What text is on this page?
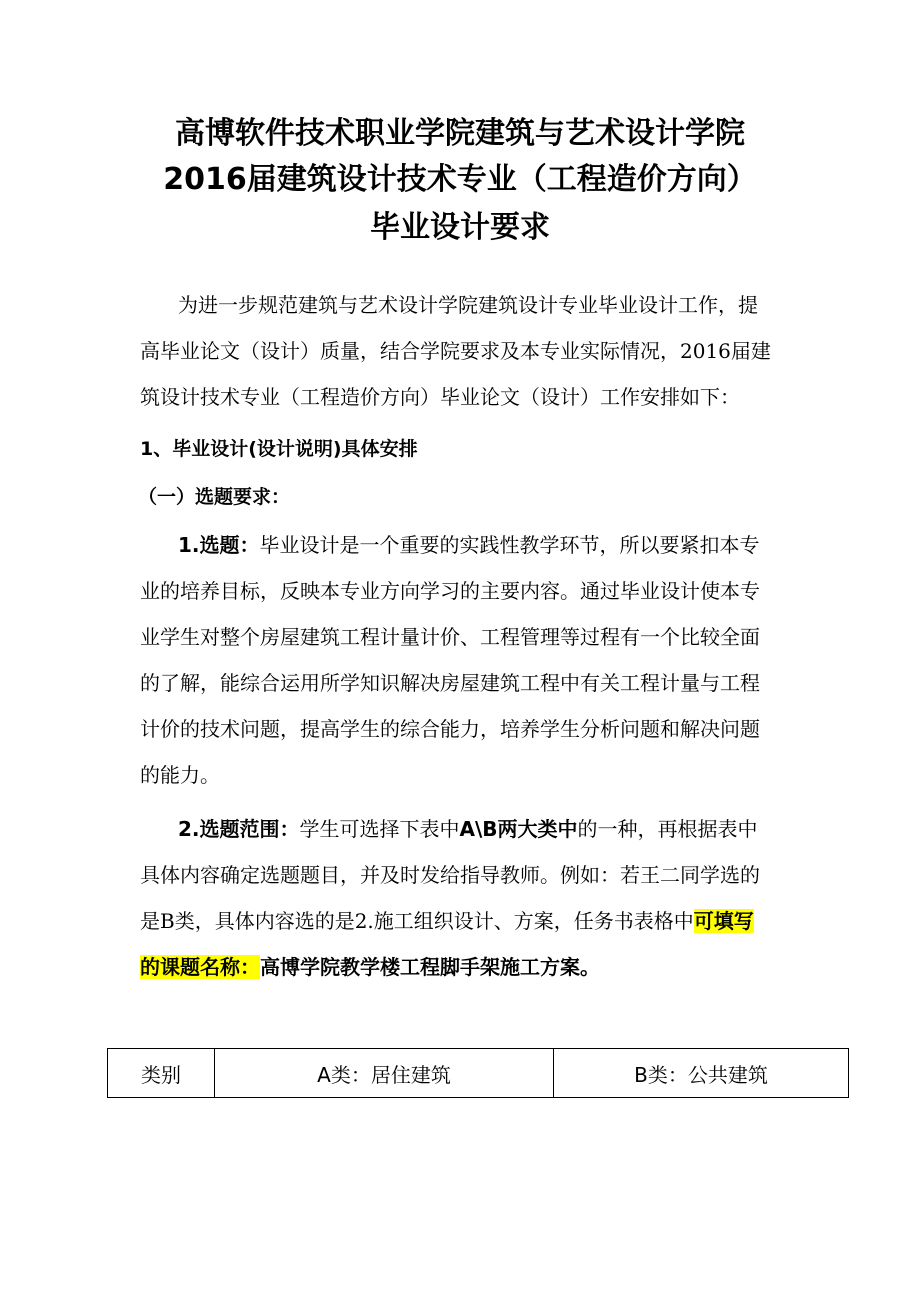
高博软件技术职业学院建筑与艺术设计学院
2016届建筑设计技术专业（工程造价方向）
毕业设计要求
为进一步规范建筑与艺术设计学院建筑设计专业毕业设计工作，提
高毕业论文（设计）质量，结合学院要求及本专业实际情况，2016届建
筑设计技术专业（工程造价方向）毕业论文（设计）工作安排如下：
1、毕业设计(设计说明)具体安排
（一）选题要求：
1.选题：毕业设计是一个重要的实践性教学环节，所以要紧扣本专
业的培养目标，反映本专业方向学习的主要内容。通过毕业设计使本专
业学生对整个房屋建筑工程计量计价、工程管理等过程有一个比较全面
的了解，能综合运用所学知识解决房屋建筑工程中有关工程计量与工程
计价的技术问题，提高学生的综合能力，培养学生分析问题和解决问题
的能力。
2.选题范围：学生可选择下表中A\B两大类中的一种，再根据表中
具体内容确定选题题目，并及时发给指导教师。例如：若王二同学选的
是B类，具体内容选的是2.施工组织设计、方案，任务书表格中可填写
的课题名称：高博学院教学楼工程脚手架施工方案。
类别	A类：居住建筑	B类：公共建筑
